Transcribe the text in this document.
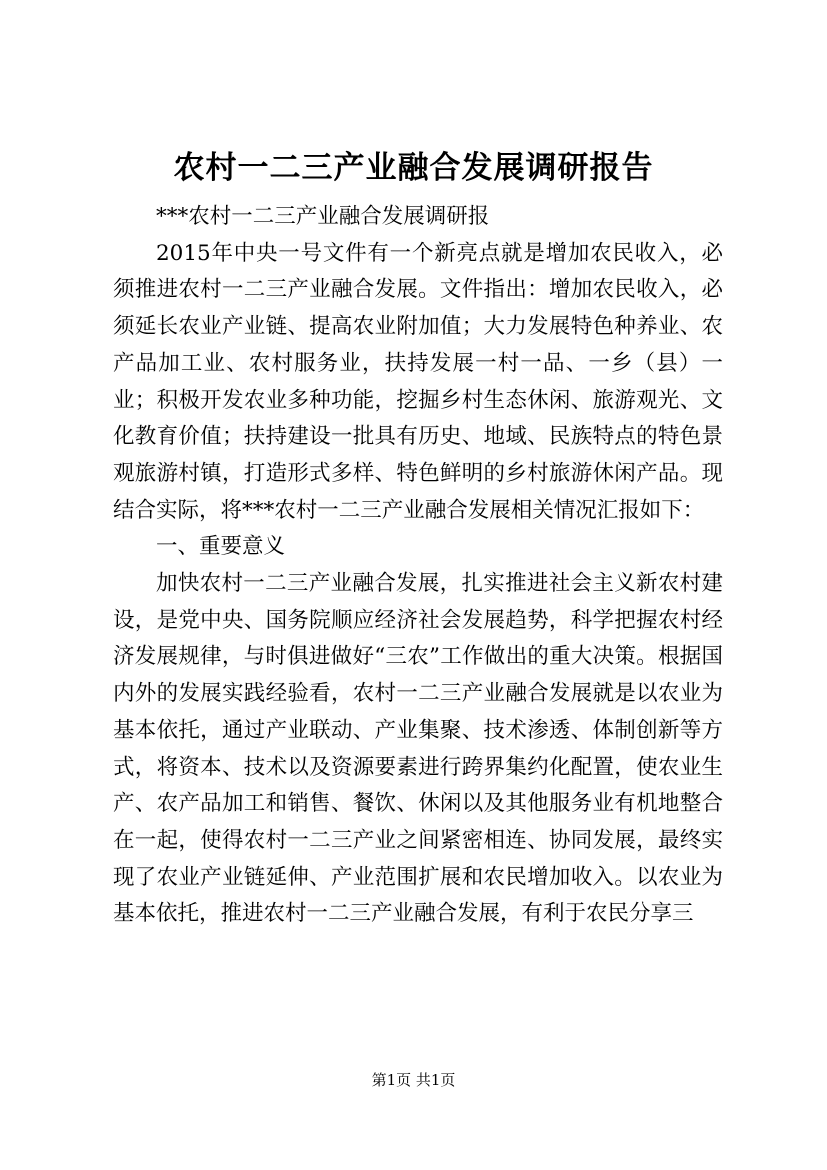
农村一二三产业融合发展调研报告

***农村一二三产业融合发展调研报

2015年中央一号文件有一个新亮点就是增加农民收入，必须推进农村一二三产业融合发展。文件指出：增加农民收入，必须延长农业产业链、提高农业附加值；大力发展特色种养业、农产品加工业、农村服务业，扶持发展一村一品、一乡（县）一业；积极开发农业多种功能，挖掘乡村生态休闲、旅游观光、文化教育价值；扶持建设一批具有历史、地域、民族特点的特色景观旅游村镇，打造形式多样、特色鲜明的乡村旅游休闲产品。现结合实际，将***农村一二三产业融合发展相关情况汇报如下：

一、重要意义

加快农村一二三产业融合发展，扎实推进社会主义新农村建设，是党中央、国务院顺应经济社会发展趋势，科学把握农村经济发展规律，与时俱进做好“三农”工作做出的重大决策。根据国内外的发展实践经验看，农村一二三产业融合发展就是以农业为基本依托，通过产业联动、产业集聚、技术渗透、体制创新等方式，将资本、技术以及资源要素进行跨界集约化配置，使农业生产、农产品加工和销售、餐饮、休闲以及其他服务业有机地整合在一起，使得农村一二三产业之间紧密相连、协同发展，最终实现了农业产业链延伸、产业范围扩展和农民增加收入。以农业为基本依托，推进农村一二三产业融合发展，有利于农民分享三

第1页 共1页
